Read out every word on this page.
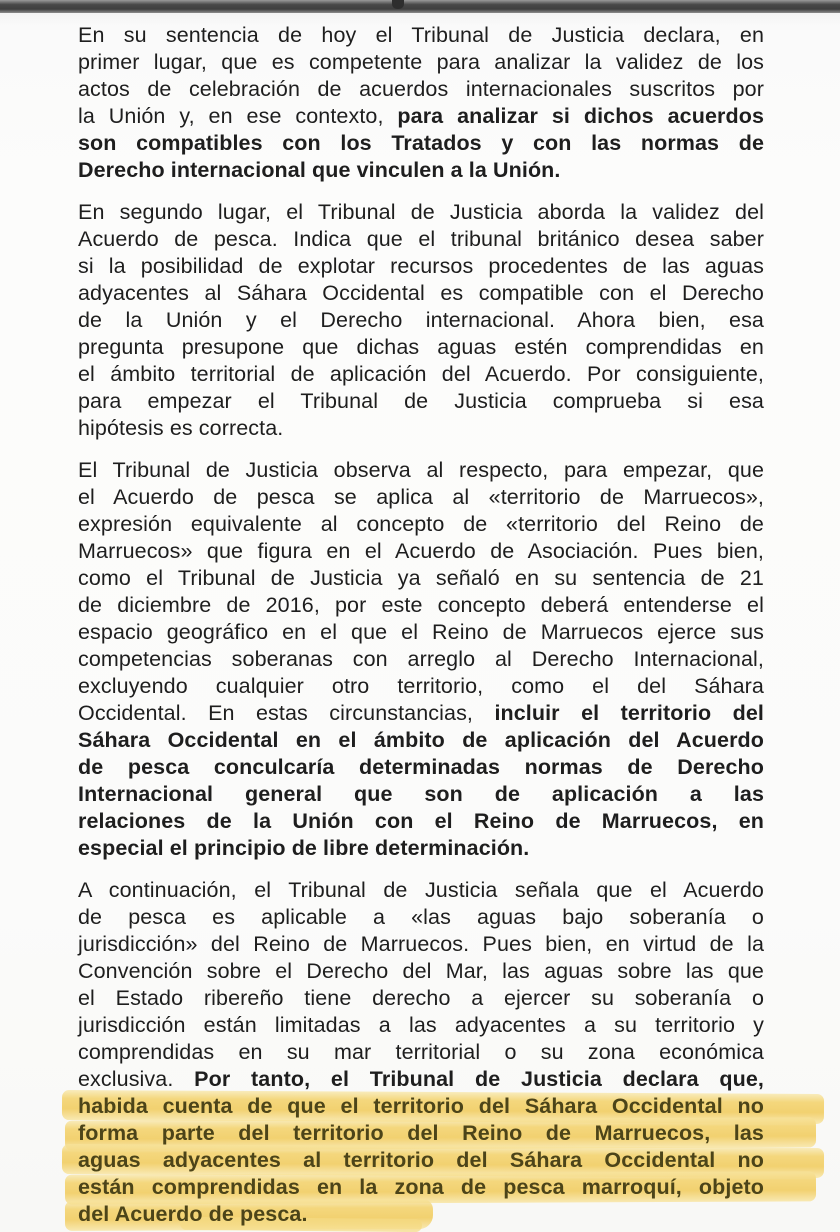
En su sentencia de hoy el Tribunal de Justicia declara, en
primer lugar, que es competente para analizar la validez de los
actos de celebración de acuerdos internacionales suscritos por
la Unión y, en ese contexto, para analizar si dichos acuerdos
son compatibles con los Tratados y con las normas de
Derecho internacional que vinculen a la Unión.
En segundo lugar, el Tribunal de Justicia aborda la validez del
Acuerdo de pesca. Indica que el tribunal británico desea saber
si la posibilidad de explotar recursos procedentes de las aguas
adyacentes al Sáhara Occidental es compatible con el Derecho
de la Unión y el Derecho internacional. Ahora bien, esa
pregunta presupone que dichas aguas estén comprendidas en
el ámbito territorial de aplicación del Acuerdo. Por consiguiente,
para empezar el Tribunal de Justicia comprueba si esa
hipótesis es correcta.
El Tribunal de Justicia observa al respecto, para empezar, que
el Acuerdo de pesca se aplica al «territorio de Marruecos»,
expresión equivalente al concepto de «territorio del Reino de
Marruecos» que figura en el Acuerdo de Asociación. Pues bien,
como el Tribunal de Justicia ya señaló en su sentencia de 21
de diciembre de 2016, por este concepto deberá entenderse el
espacio geográfico en el que el Reino de Marruecos ejerce sus
competencias soberanas con arreglo al Derecho Internacional,
excluyendo cualquier otro territorio, como el del Sáhara
Occidental. En estas circunstancias, incluir el territorio del
Sáhara Occidental en el ámbito de aplicación del Acuerdo
de pesca conculcaría determinadas normas de Derecho
Internacional general que son de aplicación a las
relaciones de la Unión con el Reino de Marruecos, en
especial el principio de libre determinación.
A continuación, el Tribunal de Justicia señala que el Acuerdo
de pesca es aplicable a «las aguas bajo soberanía o
jurisdicción» del Reino de Marruecos. Pues bien, en virtud de la
Convención sobre el Derecho del Mar, las aguas sobre las que
el Estado ribereño tiene derecho a ejercer su soberanía o
jurisdicción están limitadas a las adyacentes a su territorio y
comprendidas en su mar territorial o su zona económica
exclusiva. Por tanto, el Tribunal de Justicia declara que,
habida cuenta de que el territorio del Sáhara Occidental no
forma parte del territorio del Reino de Marruecos, las
aguas adyacentes al territorio del Sáhara Occidental no
están comprendidas en la zona de pesca marroquí, objeto
del Acuerdo de pesca.
